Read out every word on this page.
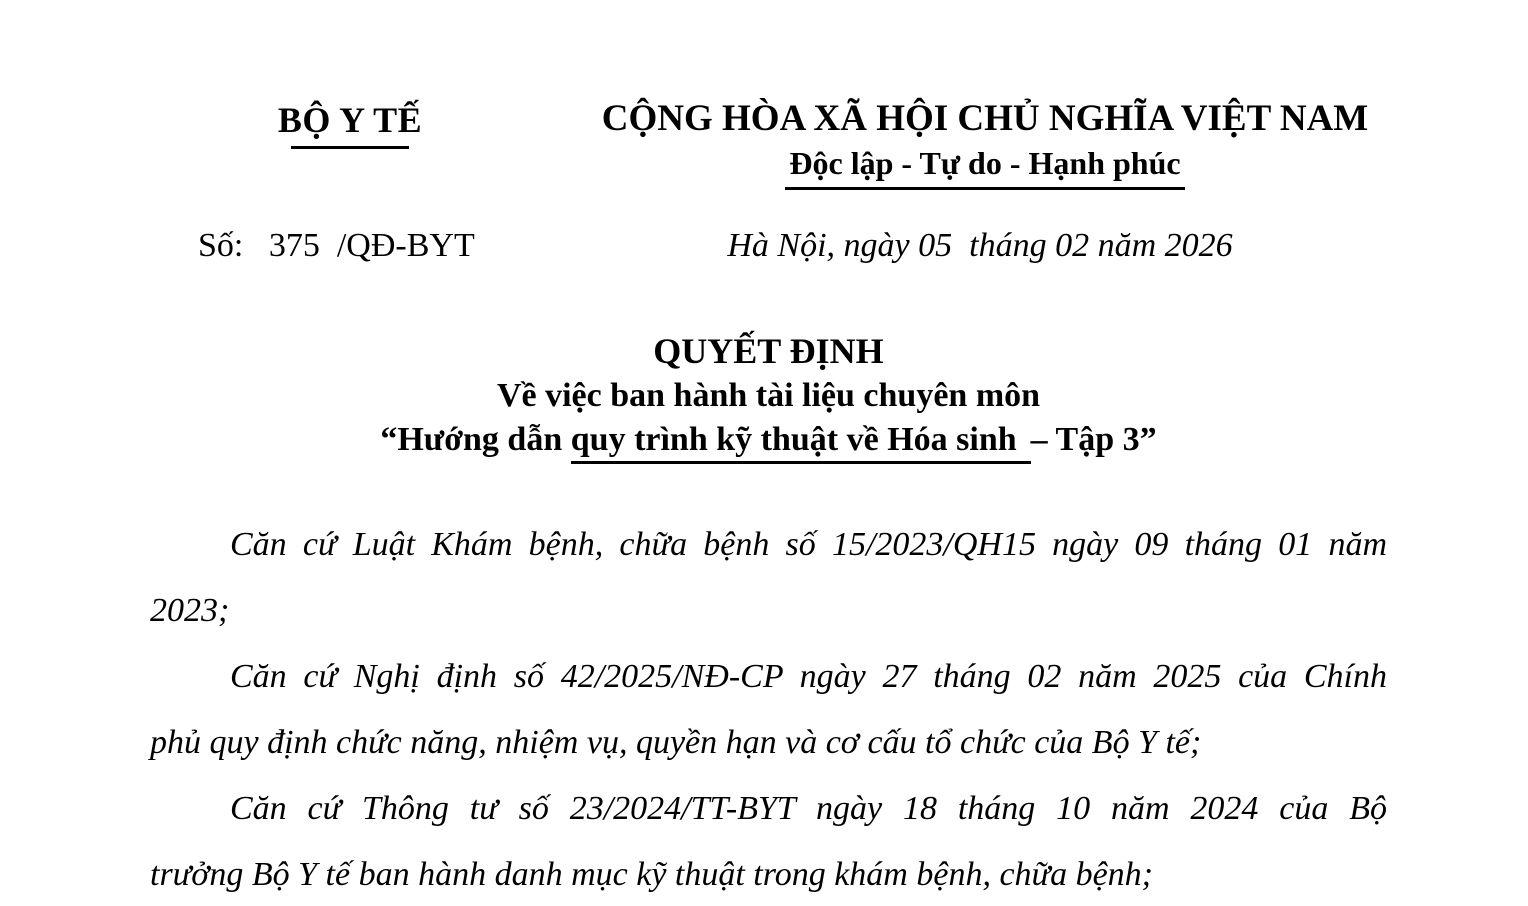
BỘ Y TẾ	CỘNG HÒA XÃ HỘI CHỦ NGHĨA VIỆT NAM
Độc lập - Tự do - Hạnh phúc
Số:   375  /QĐ-BYT	Hà Nội, ngày 05  tháng 02 năm 2026
QUYẾT ĐỊNH
Về việc ban hành tài liệu chuyên môn
“Hướng dẫn quy trình kỹ thuật về Hóa sinh – Tập 3”

Căn cứ Luật Khám bệnh, chữa bệnh số 15/2023/QH15 ngày 09 tháng 01 năm
2023;

Căn cứ Nghị định số 42/2025/NĐ-CP ngày 27 tháng 02 năm 2025 của Chính
phủ quy định chức năng, nhiệm vụ, quyền hạn và cơ cấu tổ chức của Bộ Y tế;

Căn cứ Thông tư số 23/2024/TT-BYT ngày 18 tháng 10 năm 2024 của Bộ
trưởng Bộ Y tế ban hành danh mục kỹ thuật trong khám bệnh, chữa bệnh;
